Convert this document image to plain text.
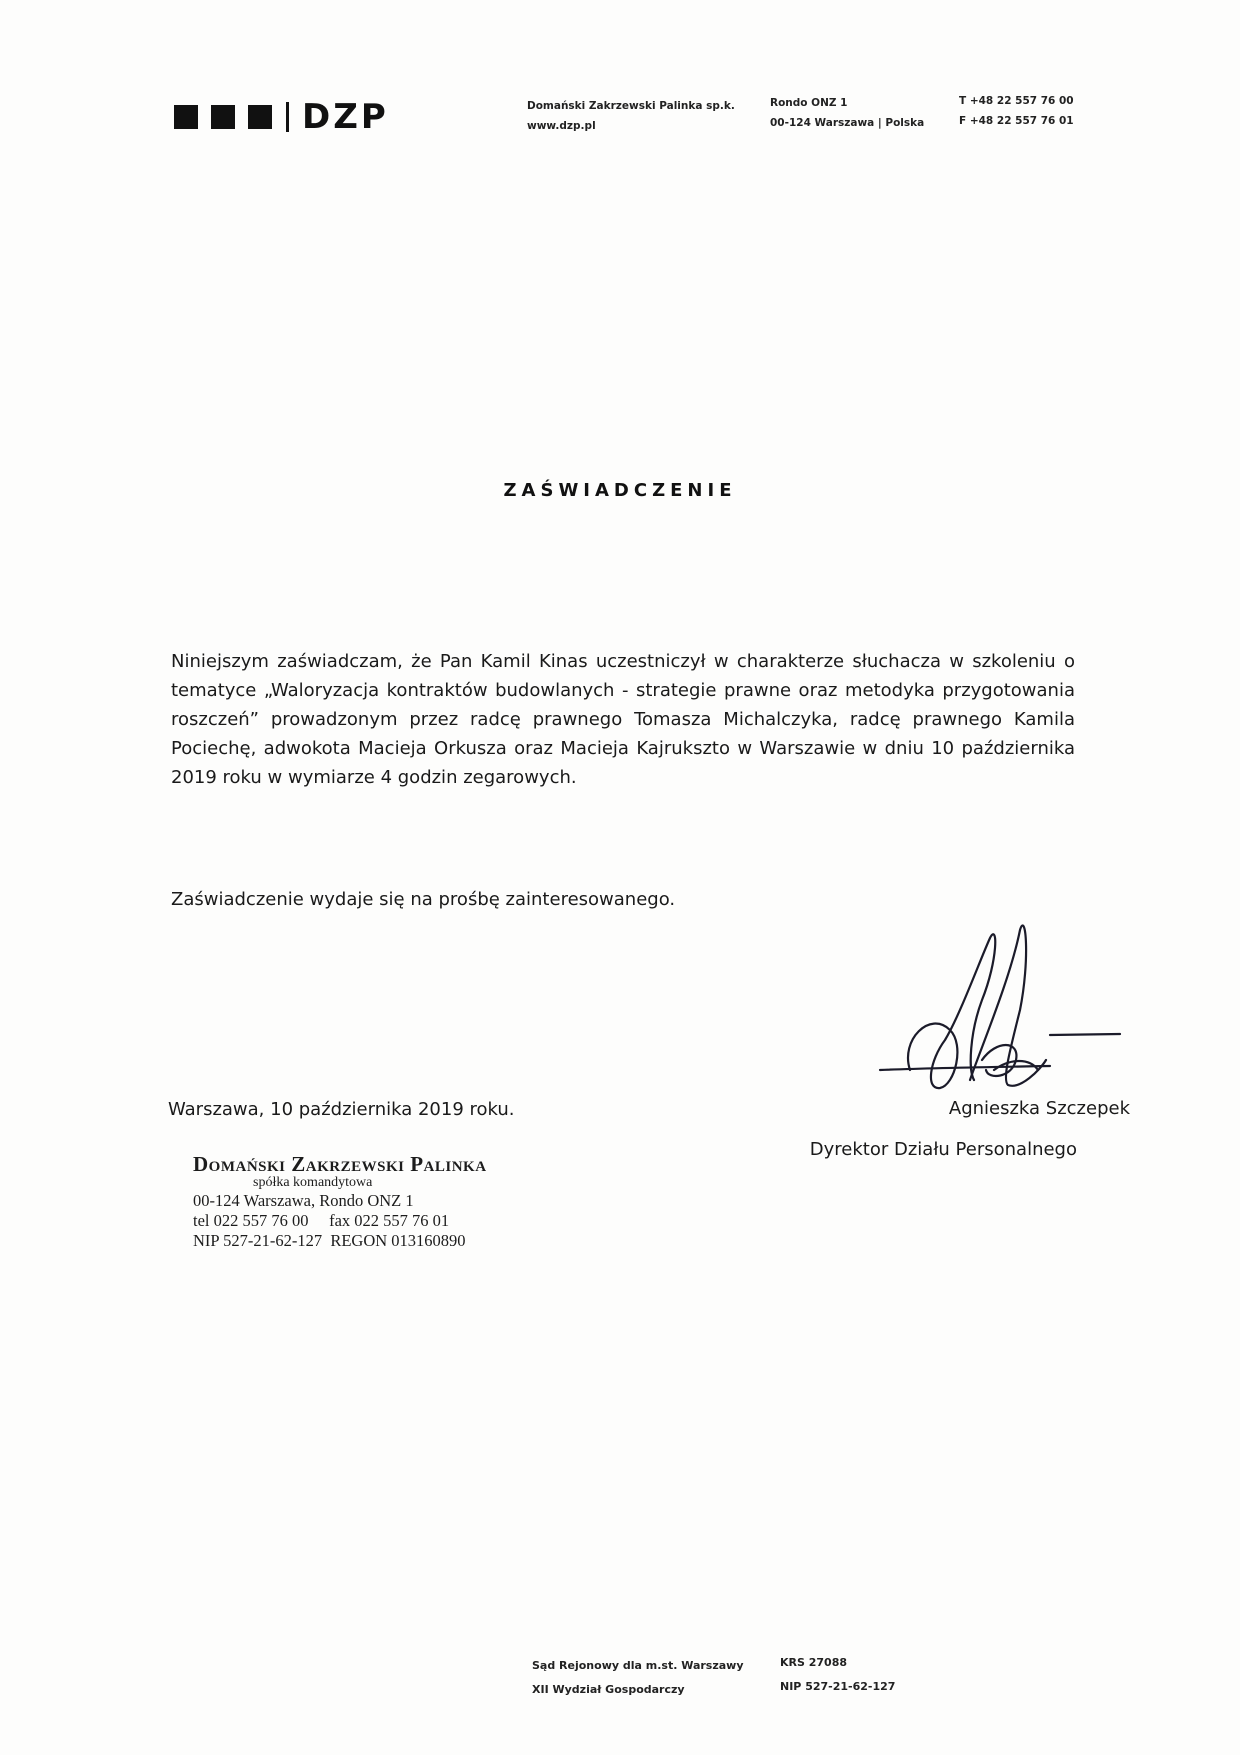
DZP	Domański Zakrzewski Palinka sp.k.
www.dzp.pl
Rondo ONZ 1
00-124 Warszawa | Polska
T +48 22 557 76 00
F +48 22 557 76 01
ZAŚWIADCZENIE
Niniejszym zaświadczam, że Pan Kamil Kinas uczestniczył w charakterze słuchacza w szkoleniu o tematyce „Waloryzacja kontraktów budowlanych - strategie prawne oraz metodyka przygotowania roszczeń” prowadzonym przez radcę prawnego Tomasza Michalczyka, radcę prawnego Kamila Pociechę, adwokota Macieja Orkusza oraz Macieja Kajrukszto w Warszawie w dniu 10 października 2019 roku w wymiarze 4 godzin zegarowych.
Zaświadczenie wydaje się na prośbę zainteresowanego.
Warszawa, 10 października 2019 roku.	Agnieszka Szczepek
Dyrektor Działu Personalnego
Domański Zakrzewski Palinka
spółka komandytowa
00-124 Warszawa, Rondo ONZ 1
tel 022 557 76 00     fax 022 557 76 01
NIP 527-21-62-127  REGON 013160890
Sąd Rejonowy dla m.st. Warszawy
XII Wydział Gospodarczy
KRS 27088
NIP 527-21-62-127
